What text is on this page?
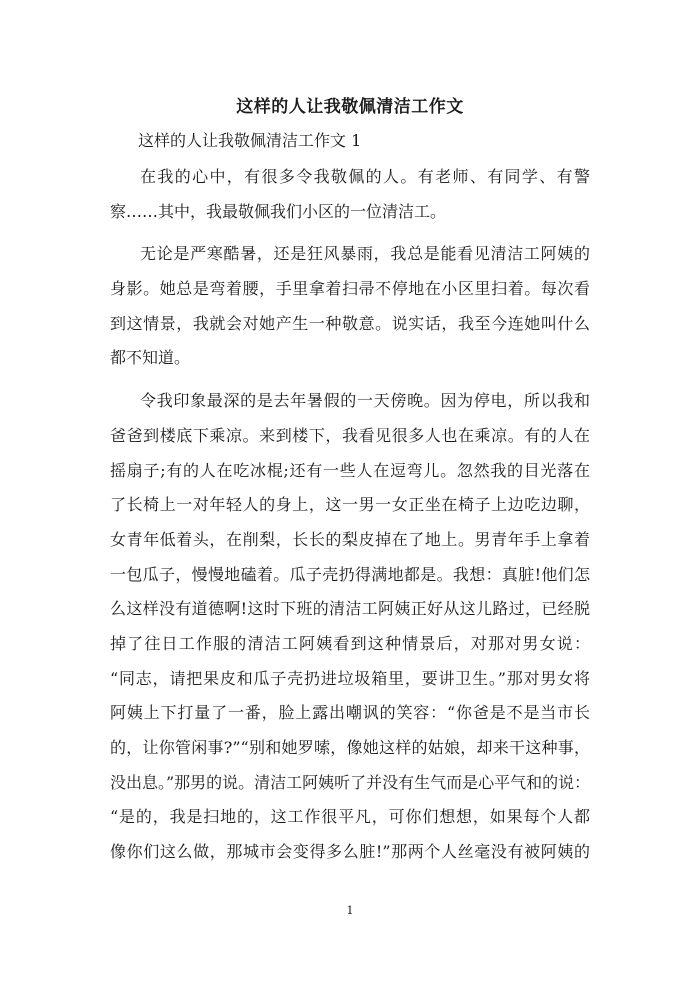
这样的人让我敬佩清洁工作文
这样的人让我敬佩清洁工作文 1
在我的心中，有很多令我敬佩的人。有老师、有同学、有警
察……其中，我最敬佩我们小区的一位清洁工。
无论是严寒酷暑，还是狂风暴雨，我总是能看见清洁工阿姨的
身影。她总是弯着腰，手里拿着扫帚不停地在小区里扫着。每次看
到这情景，我就会对她产生一种敬意。说实话，我至今连她叫什么
都不知道。
令我印象最深的是去年暑假的一天傍晚。因为停电，所以我和
爸爸到楼底下乘凉。来到楼下，我看见很多人也在乘凉。有的人在
摇扇子;有的人在吃冰棍;还有一些人在逗弯儿。忽然我的目光落在
了长椅上一对年轻人的身上，这一男一女正坐在椅子上边吃边聊，
女青年低着头，在削梨，长长的梨皮掉在了地上。男青年手上拿着
一包瓜子，慢慢地磕着。瓜子壳扔得满地都是。我想：真脏!他们怎
么这样没有道德啊!这时下班的清洁工阿姨正好从这儿路过，已经脱
掉了往日工作服的清洁工阿姨看到这种情景后，对那对男女说：
“同志，请把果皮和瓜子壳扔进垃圾箱里，要讲卫生。”那对男女将
阿姨上下打量了一番，脸上露出嘲讽的笑容：“你爸是不是当市长
的，让你管闲事?”“别和她罗嗦，像她这样的姑娘，却来干这种事，
没出息。”那男的说。清洁工阿姨听了并没有生气而是心平气和的说：
“是的，我是扫地的，这工作很平凡，可你们想想，如果每个人都
像你们这么做，那城市会变得多么脏!”那两个人丝毫没有被阿姨的
1
